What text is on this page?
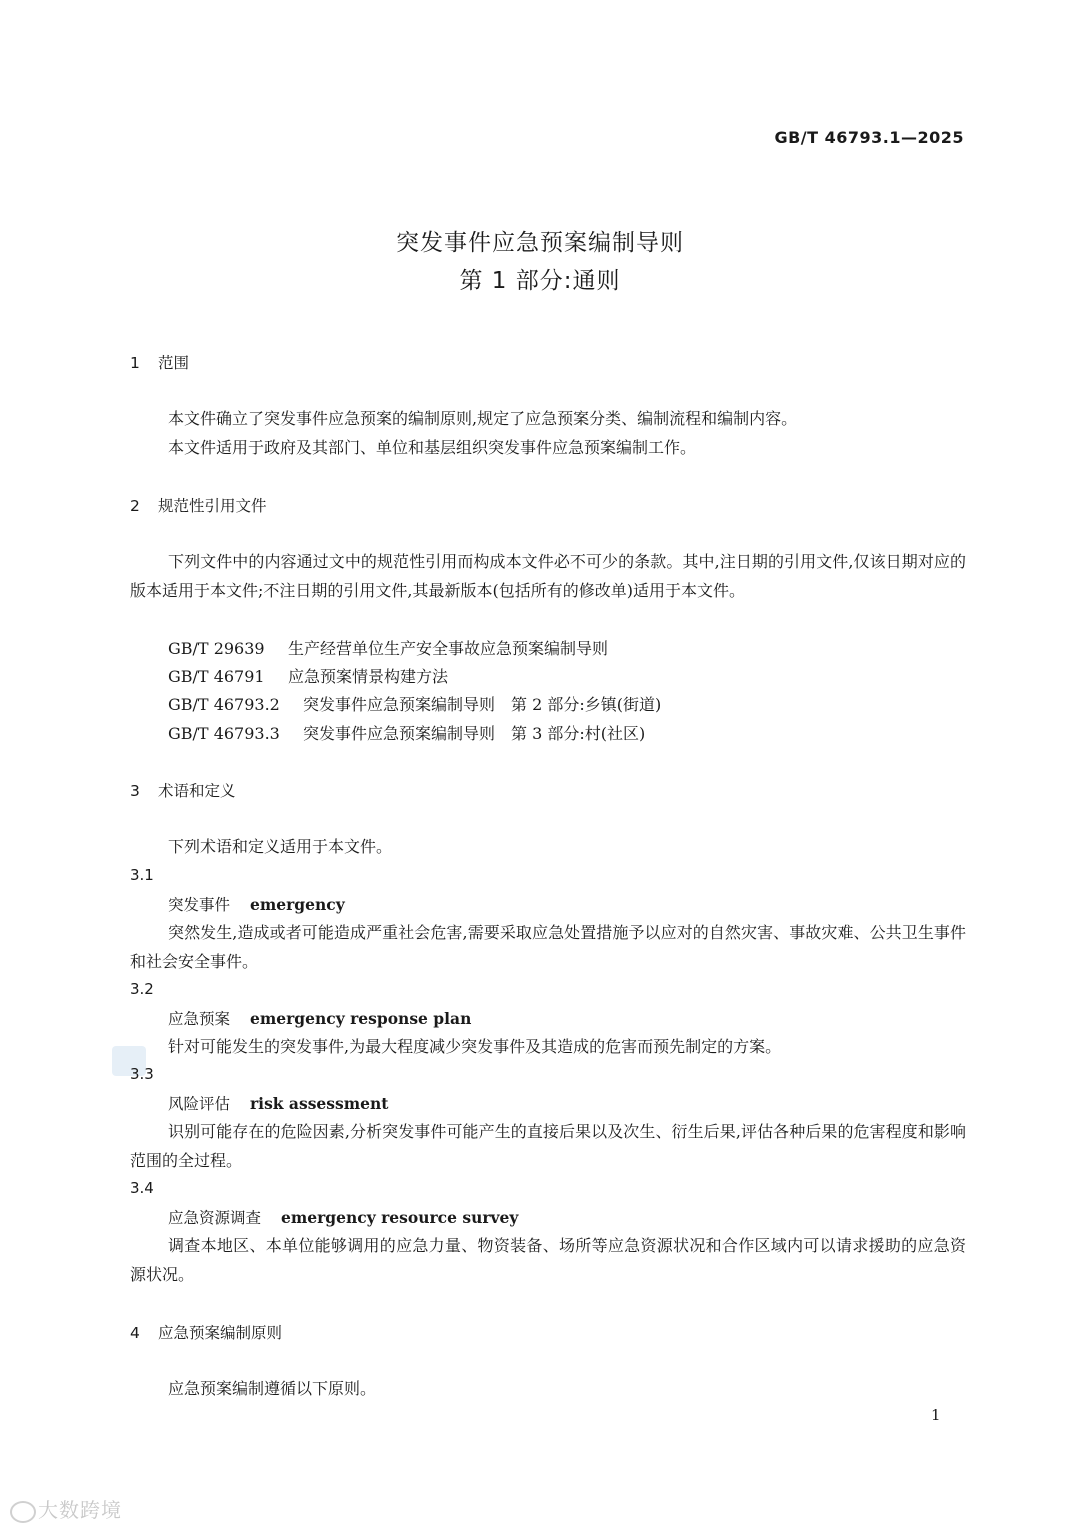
GB/T 46793.1—2025
突发事件应急预案编制导则
第 1 部分:通则
1 范围
本文件确立了突发事件应急预案的编制原则,规定了应急预案分类、编制流程和编制内容。
本文件适用于政府及其部门、单位和基层组织突发事件应急预案编制工作。
2 规范性引用文件
下列文件中的内容通过文中的规范性引用而构成本文件必不可少的条款。其中,注日期的引用文件,仅该日期对应的版本适用于本文件;不注日期的引用文件,其最新版本(包括所有的修改单)适用于本文件。
GB/T 29639 生产经营单位生产安全事故应急预案编制导则
GB/T 46791 应急预案情景构建方法
GB/T 46793.2 突发事件应急预案编制导则　第 2 部分:乡镇(街道)
GB/T 46793.3 突发事件应急预案编制导则　第 3 部分:村(社区)
3 术语和定义
下列术语和定义适用于本文件。
3.1
突发事件 emergency
突然发生,造成或者可能造成严重社会危害,需要采取应急处置措施予以应对的自然灾害、事故灾难、公共卫生事件和社会安全事件。
3.2
应急预案 emergency response plan
针对可能发生的突发事件,为最大程度减少突发事件及其造成的危害而预先制定的方案。
3.3
风险评估 risk assessment
识别可能存在的危险因素,分析突发事件可能产生的直接后果以及次生、衍生后果,评估各种后果的危害程度和影响范围的全过程。
3.4
应急资源调查 emergency resource survey
调查本地区、本单位能够调用的应急力量、物资装备、场所等应急资源状况和合作区域内可以请求援助的应急资源状况。
4 应急预案编制原则
应急预案编制遵循以下原则。
1
大数跨境
